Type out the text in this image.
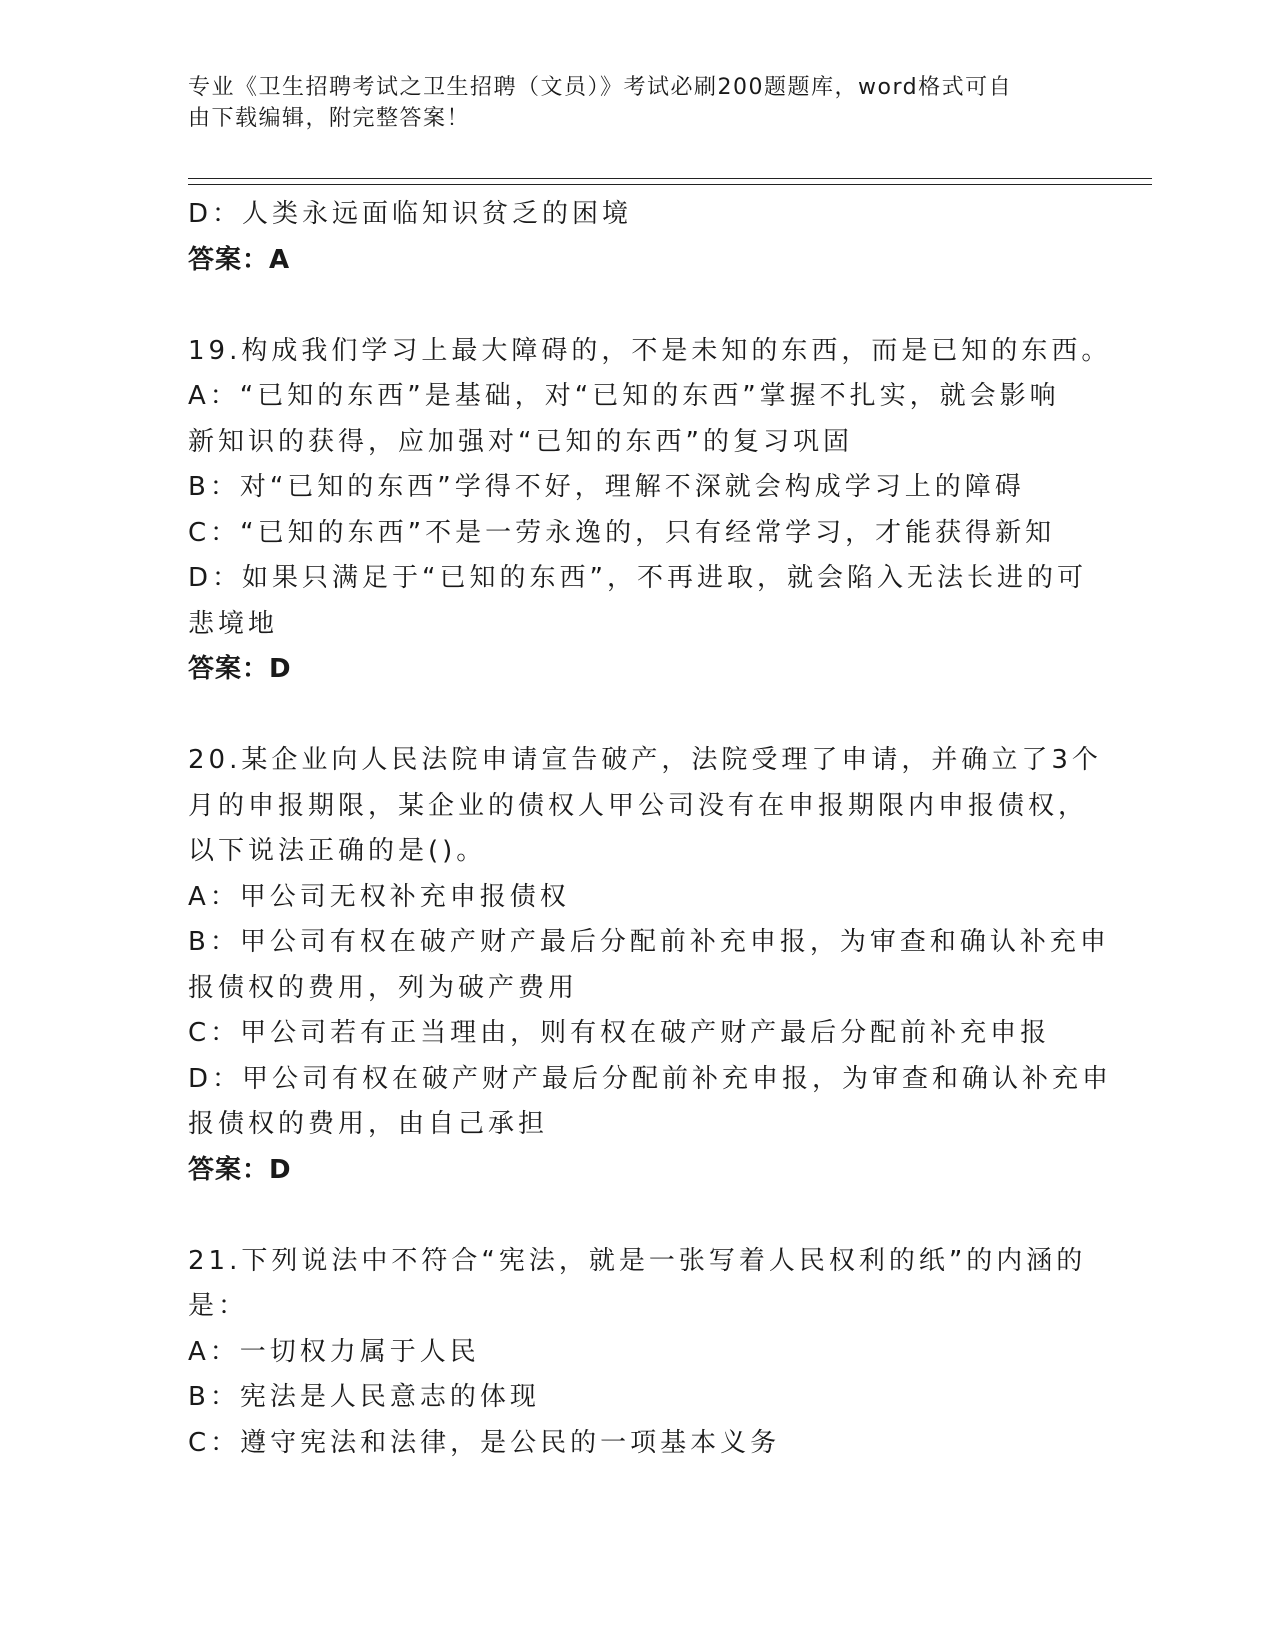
专业《卫生招聘考试之卫生招聘（文员）》考试必刷200题题库，word格式可自
由下载编辑，附完整答案！
D：人类永远面临知识贫乏的困境
答案：A
19.构成我们学习上最大障碍的，不是未知的东西，而是已知的东西。
A：“已知的东西”是基础，对“已知的东西”掌握不扎实，就会影响
新知识的获得，应加强对“已知的东西”的复习巩固
B：对“已知的东西”学得不好，理解不深就会构成学习上的障碍
C：“已知的东西”不是一劳永逸的，只有经常学习，才能获得新知
D：如果只满足于“已知的东西”，不再进取，就会陷入无法长进的可
悲境地
答案：D
20.某企业向人民法院申请宣告破产，法院受理了申请，并确立了3个
月的申报期限，某企业的债权人甲公司没有在申报期限内申报债权，
以下说法正确的是()。
A：甲公司无权补充申报债权
B：甲公司有权在破产财产最后分配前补充申报，为审查和确认补充申
报债权的费用，列为破产费用
C：甲公司若有正当理由，则有权在破产财产最后分配前补充申报
D：甲公司有权在破产财产最后分配前补充申报，为审查和确认补充申
报债权的费用，由自己承担
答案：D
21.下列说法中不符合“宪法，就是一张写着人民权利的纸”的内涵的
是：
A：一切权力属于人民
B：宪法是人民意志的体现
C：遵守宪法和法律，是公民的一项基本义务
